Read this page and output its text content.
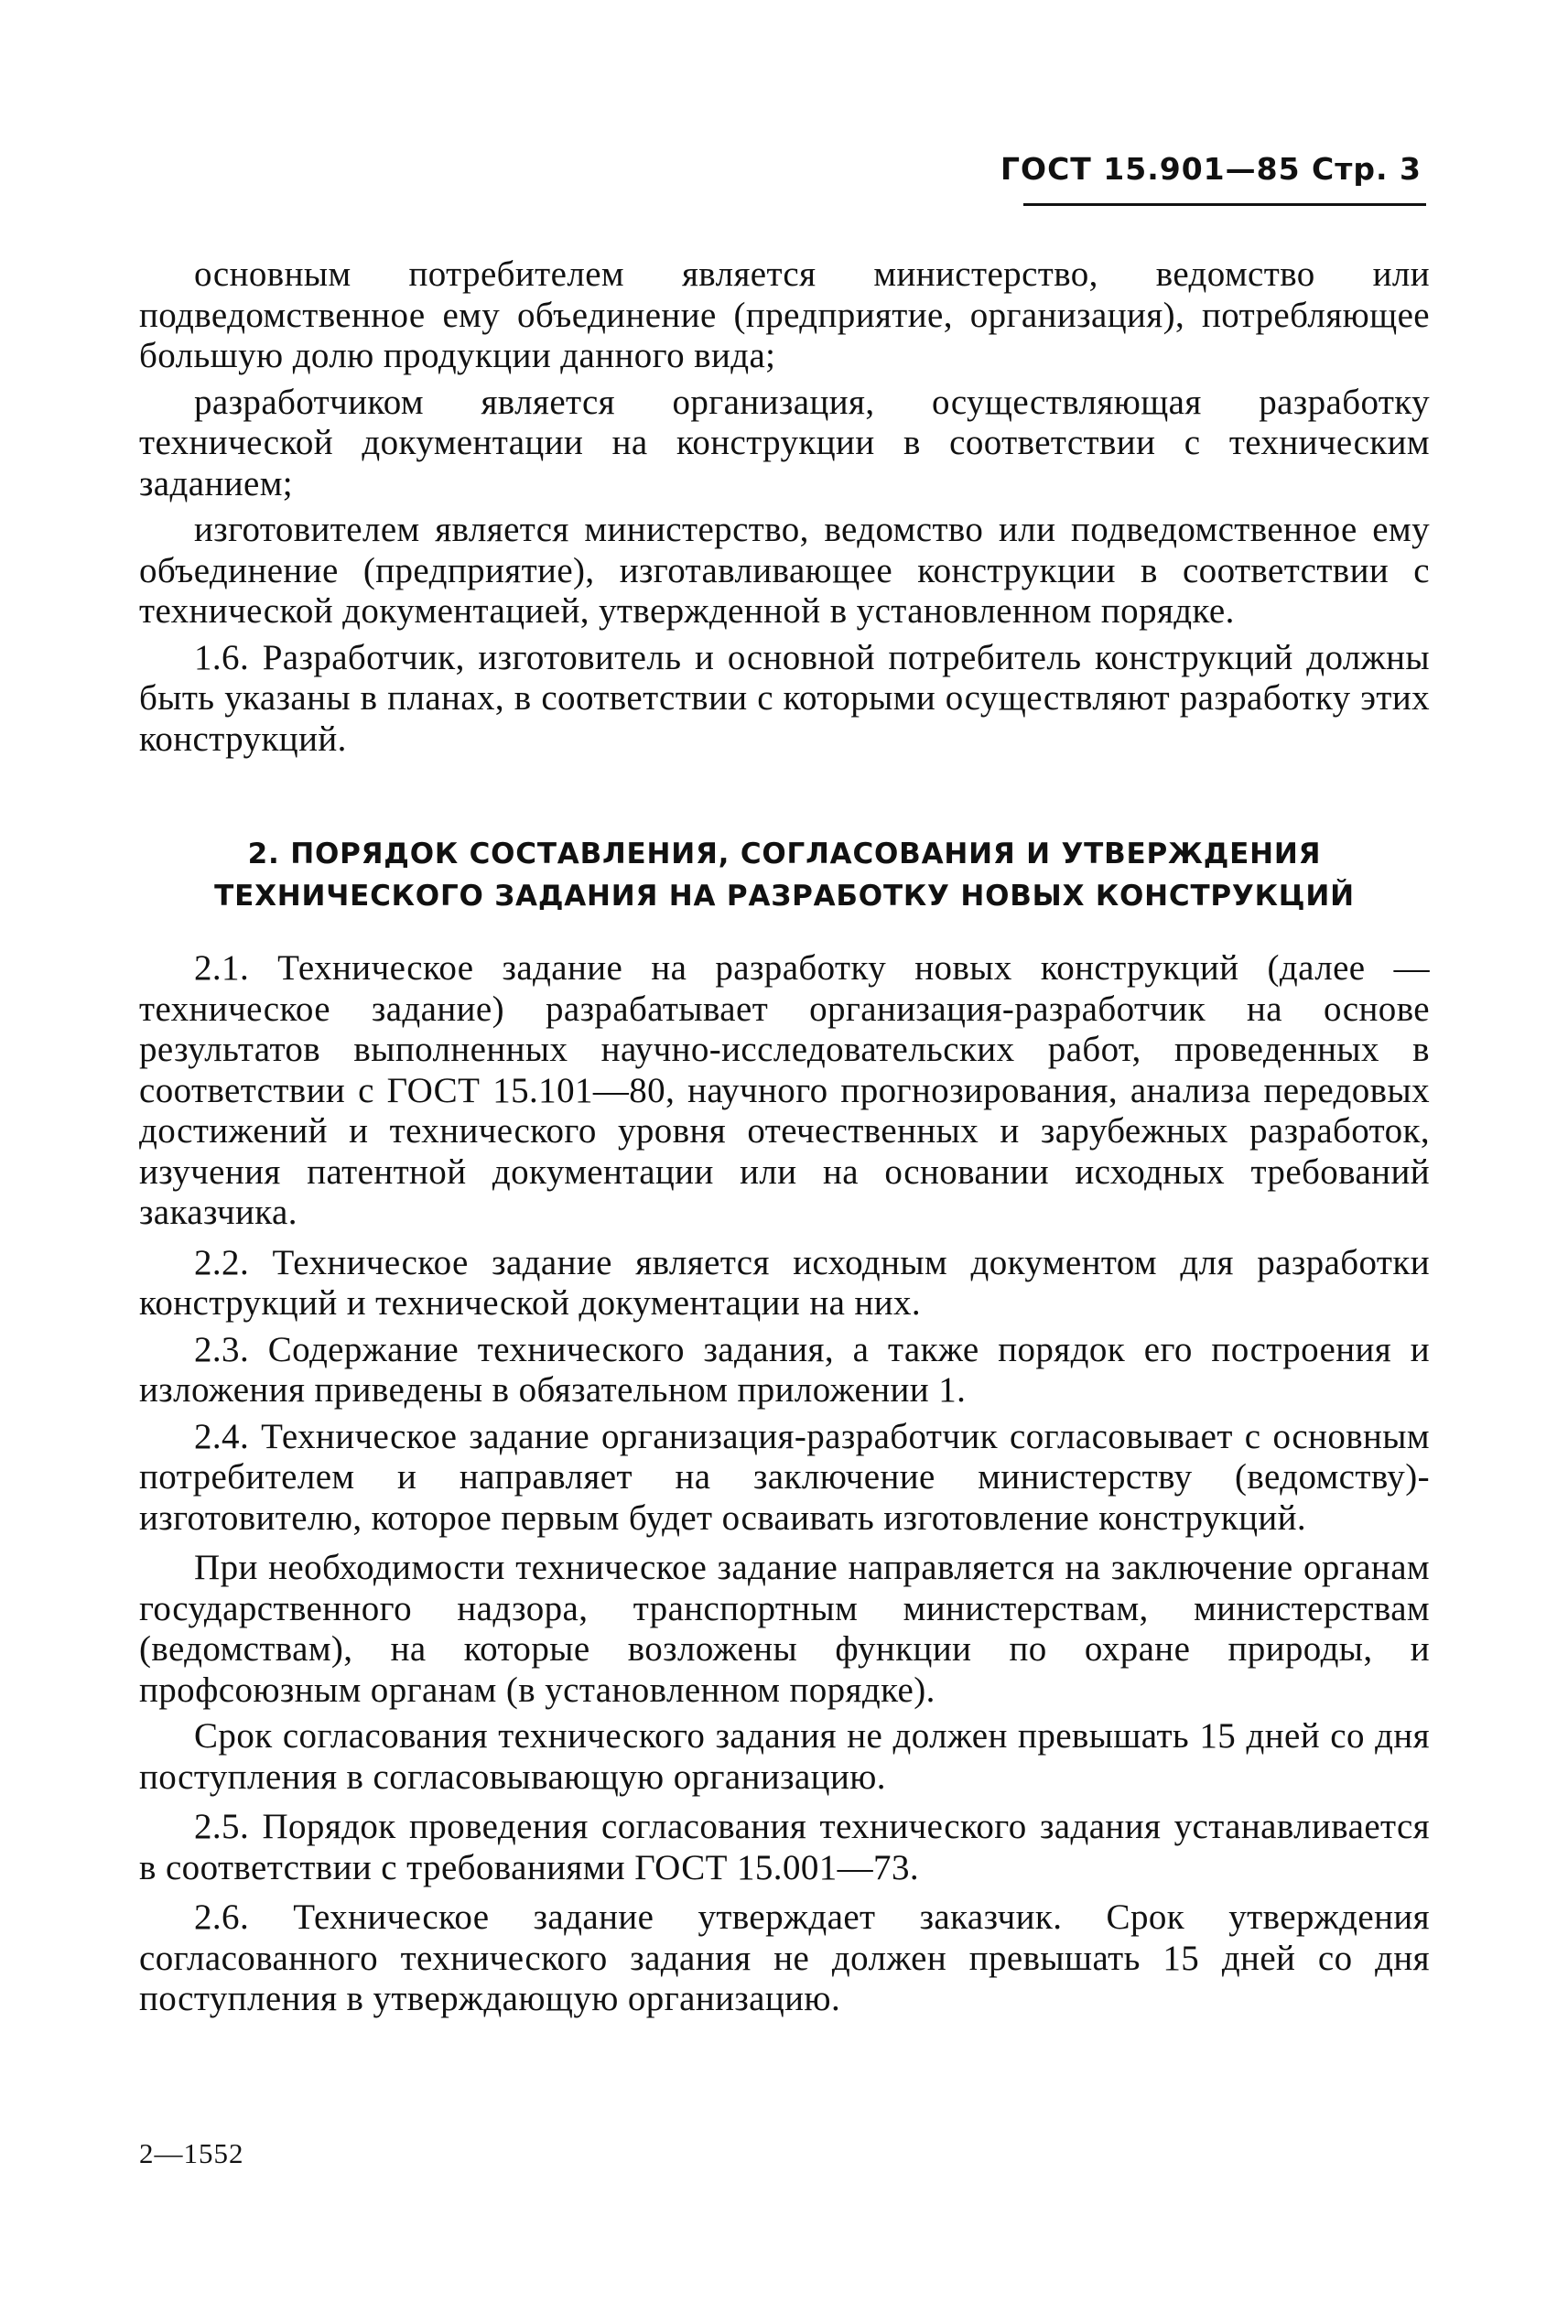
ГОСТ 15.901—85 Стр. 3

основным потребителем является министерство, ведомство или подведомственное ему объединение (предприятие, организация), потребляющее большую долю продукции данного вида;

разработчиком является организация, осуществляющая разработку технической документации на конструкции в соответствии с техническим заданием;

изготовителем является министерство, ведомство или подведомственное ему объединение (предприятие), изготавливающее конструкции в соответствии с технической документацией, утвержденной в установленном порядке.

1.6. Разработчик, изготовитель и основной потребитель конструкций должны быть указаны в планах, в соответствии с которыми осуществляют разработку этих конструкций.

2. ПОРЯДОК СОСТАВЛЕНИЯ, СОГЛАСОВАНИЯ И УТВЕРЖДЕНИЯ
ТЕХНИЧЕСКОГО ЗАДАНИЯ НА РАЗРАБОТКУ НОВЫХ КОНСТРУКЦИЙ

2.1. Техническое задание на разработку новых конструкций (далее — техническое задание) разрабатывает организация-разработчик на основе результатов выполненных научно-исследовательских работ, проведенных в соответствии с ГОСТ 15.101—80, научного прогнозирования, анализа передовых достижений и технического уровня отечественных и зарубежных разработок, изучения патентной документации или на основании исходных требований заказчика.

2.2. Техническое задание является исходным документом для разработки конструкций и технической документации на них.

2.3. Содержание технического задания, а также порядок его построения и изложения приведены в обязательном приложении 1.

2.4. Техническое задание организация-разработчик согласовывает с основным потребителем и направляет на заключение министерству (ведомству)-изготовителю, которое первым будет осваивать изготовление конструкций.

При необходимости техническое задание направляется на заключение органам государственного надзора, транспортным министерствам, министерствам (ведомствам), на которые возложены функции по охране природы, и профсоюзным органам (в установленном порядке).

Срок согласования технического задания не должен превышать 15 дней со дня поступления в согласовывающую организацию.

2.5. Порядок проведения согласования технического задания устанавливается в соответствии с требованиями ГОСТ 15.001—73.

2.6. Техническое задание утверждает заказчик. Срок утверждения согласованного технического задания не должен превышать 15 дней со дня поступления в утверждающую организацию.

2—1552
